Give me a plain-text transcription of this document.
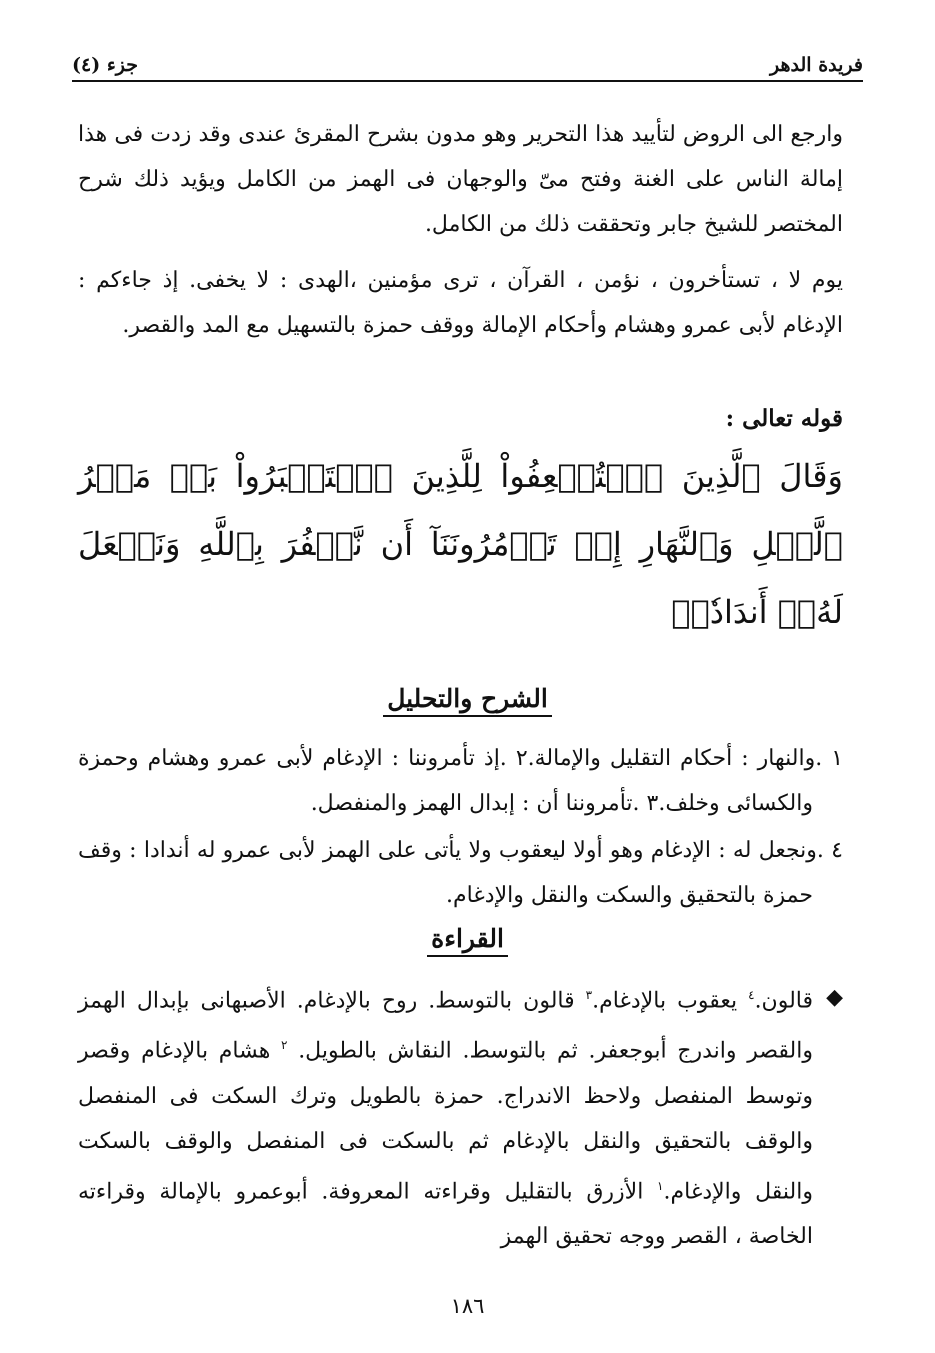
فريدة الدهر
جزء (٤)

وارجع الى الروض لتأييد هذا التحرير وهو مدون بشرح المقرئ عندى وقد زدت فى هذا إمالة الناس على الغنة وفتح مىّ والوجهان فى الهمز من الكامل ويؤيد ذلك شرح المختصر للشيخ جابر وتحققت ذلك من الكامل.

يوم لا ، تستأخرون ، نؤمن ، القرآن ، ترى مؤمنين ،الهدى : لا يخفى. إذ جاءكم : الإدغام لأبى عمرو وهشام وأحكام الإمالة ووقف حمزة بالتسهيل مع المد والقصر.

قوله تعالى :

وَقَالَ ٱلَّذِينَ ٱسۡتُضۡعِفُواْ لِلَّذِينَ ٱسۡتَكۡبَرُواْ بَلۡ مَكۡرُ ٱلَّيۡلِ وَٱلنَّهَارِ إِذۡ تَأۡمُرُونَنَآ أَن نَّكۡفُرَ بِٱللَّهِ وَنَجۡعَلَ لَهُۥٓ أَندَادٗاۚ

الشرح والتحليل

١ .والنهار : أحكام التقليل والإمالة.٢ .إذ تأمروننا : الإدغام لأبى عمرو وهشام وحمزة والكسائى وخلف.٣ .تأمروننا أن : إبدال الهمز والمنفصل.

٤ .ونجعل له : الإدغام وهو أولا ليعقوب ولا يأتى على الهمز لأبى عمرو له أندادا : وقف حمزة بالتحقيق والسكت والنقل والإدغام.

القراءة
◆

قالون.$^٤$ يعقوب بالإدغام.$^٣$ قالون بالتوسط. روح بالإدغام. الأصبهانى بإبدال الهمز والقصر واندرج أبوجعفر. ثم بالتوسط. النقاش بالطويل. $^٢$ هشام بالإدغام وقصر وتوسط المنفصل ولاحظ الاندراج. حمزة بالطويل وترك السكت فى المنفصل والوقف بالتحقيق والنقل بالإدغام ثم بالسكت فى المنفصل والوقف بالسكت والنقل والإدغام.$^١$ الأزرق بالتقليل وقراءته المعروفة. أبوعمرو بالإمالة وقراءته الخاصة ، القصر ووجه تحقيق الهمز

١٨٦
